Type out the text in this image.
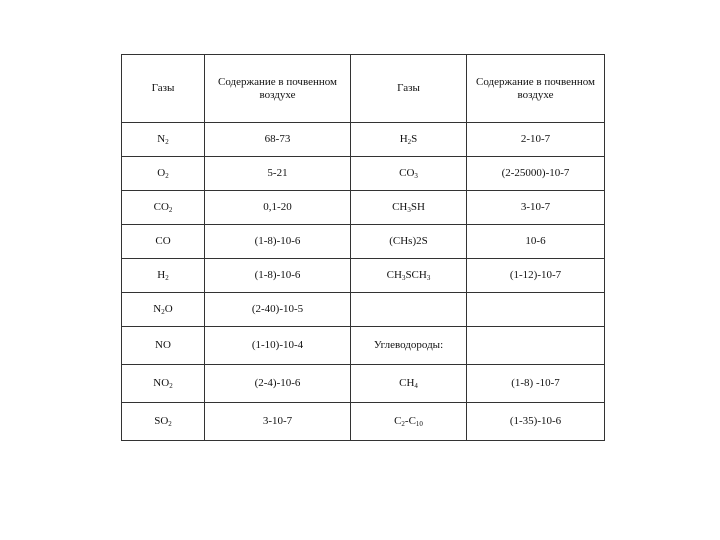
Газы	Содержание в почвенном воздухе	Газы	Содержание в почвенном воздухе
$N_2$	68-73	$H_2S$	2-10-7
$O_2$	5-21	$CO_3$	(2-25000)-10-7
$CO_2$	0,1-20	$CH_3SH$	3-10-7
CO	(1-8)-10-6	(CHs)2S	10-6
$H_2$	(1-8)-10-6	$CH_3SCH_3$	(1-12)-10-7
$N_2O$	(2-40)-10-5		
NO	(1-10)-10-4	Углеводороды:	
$NO_2$	(2-4)-10-6	$CH_4$	(1-8) -10-7
$SO_2$	3-10-7	$C_2-C_{10}$	(1-35)-10-6
